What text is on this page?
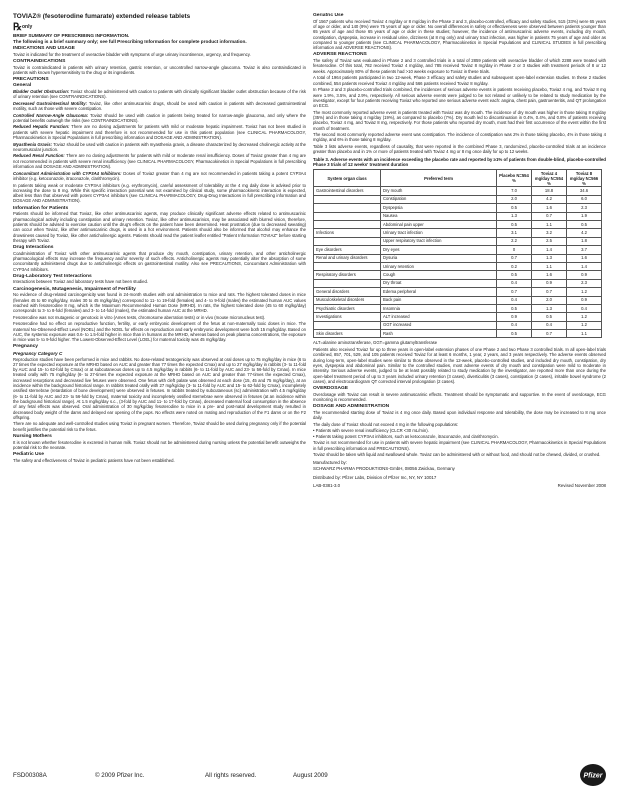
TOVIAZ® (fesoterodine fumarate) extended release tablets
℞only
BRIEF SUMMARY OF PRESCRIBING INFORMATION.
The following is a brief summary only; see full Prescribing Information for complete product information.
INDICATIONS AND USAGE

Toviaz is indicated for the treatment of overactive bladder with symptoms of urge urinary incontinence, urgency, and frequency.

CONTRAINDICATIONS

Toviaz is contraindicated in patients with urinary retention, gastric retention, or uncontrolled narrow-angle glaucoma. Toviaz is also contraindicated in patients with known hypersensitivity to the drug or its ingredients.

PRECAUTIONS
General

Bladder Outlet Obstruction: Toviaz should be administered with caution to patients with clinically significant bladder outlet obstruction because of the risk of urinary retention (see CONTRAINDICATIONS).

Decreased Gastrointestinal Motility: Toviaz, like other antimuscarinic drugs, should be used with caution in patients with decreased gastrointestinal motility, such as those with severe constipation.

Controlled Narrow-Angle Glaucoma: Toviaz should be used with caution in patients being treated for narrow-angle glaucoma, and only where the potential benefits outweigh the risks (see CONTRAINDICATIONS).

Reduced Hepatic Function: There are no dosing adjustments for patients with mild or moderate hepatic impairment. Toviaz has not been studied in patients with severe hepatic impairment and therefore is not recommended for use in this patient population (see CLINICAL PHARMACOLOGY, Pharmacokinetics in Special Populations in full prescribing information and DOSAGE AND ADMINISTRATION).

Myasthenia Gravis: Toviaz should be used with caution in patients with myasthenia gravis, a disease characterized by decreased cholinergic activity at the neuromuscular junction.

Reduced Renal Function: There are no dosing adjustments for patients with mild or moderate renal insufficiency. Doses of Toviaz greater than 4 mg are not recommended in patients with severe renal insufficiency (see CLINICAL PHARMACOLOGY, Pharmacokinetics in Special Populations in full prescribing information and DOSAGE AND ADMINISTRATION).

Concomitant Administration with CYP3A4 Inhibitors: Doses of Toviaz greater than 4 mg are not recommended in patients taking a potent CYP3A4 inhibitor (e.g. ketoconazole, itraconazole, clarithromycin).

In patients taking weak or moderate CYP3A4 inhibitors (e.g. erythromycin), careful assessment of tolerability at the 4 mg daily dose is advised prior to increasing the dose to 8 mg. While this specific interaction potential was not examined by clinical study, some pharmacokinetic interaction is expected, albeit less than that observed with potent CYP3A4 inhibitors (see CLINICAL PHARMACOLOGY, Drug-Drug Interactions in full prescribing information and DOSAGE AND ADMINISTRATION).

Information for Patients

Patients should be informed that Toviaz, like other antimuscarinic agents, may produce clinically significant adverse effects related to antimuscarinic pharmacological activity including constipation and urinary retention. Toviaz, like other antimuscarinics, may be associated with blurred vision, therefore, patients should be advised to exercise caution until the drug's effects on the patient have been determined. Heat prostration (due to decreased sweating) can occur when Toviaz, like other antimuscarinic drugs, is used in a hot environment. Patients should also be informed that alcohol may enhance the drowsiness caused by Toviaz, like other anticholinergic agents. Patients should read the patient leaflet entitled "Patient Information TOVIAZ" before starting therapy with Toviaz.

Drug Interactions

Coadministration of Toviaz with other antimuscarinic agents that produce dry mouth, constipation, urinary retention, and other anticholinergic pharmacological effects may increase the frequency and/or severity of such effects. Anticholinergic agents may potentially alter the absorption of some concomitantly administered drugs due to anticholinergic effects on gastrointestinal motility. Also see PRECAUTIONS, Concomitant Administration with CYP3A4 Inhibitors.

Drug-Laboratory Test Interactions

Interactions between Toviaz and laboratory tests have not been studied.

Carcinogenesis, Mutagenesis, Impairment of Fertility

No evidence of drug-related carcinogenicity was found in 24-month studies with oral administration to mice and rats. The highest tolerated doses in mice (females 45 to 60 mg/kg/day, males 30 to 45 mg/kg/day) correspond to 11- to 19-fold (females) and 4- to 9-fold (males) the estimated human AUC values reached with fesoterodine 8 mg, which is the Maximum Recommended Human Dose (MRHD). In rats, the highest tolerated dose (45 to 60 mg/kg/day) corresponds to 3- to 8-fold (females) and 3- to 14-fold (males), the estimated human AUC at the MRHD.

Fesoterodine was not mutagenic or genotoxic in vitro (Ames tests, chromosome aberration tests) or in vivo (mouse micronucleus test).

Fesoterodine had no effect on reproductive function, fertility, or early embryonic development of the fetus at non-maternally toxic doses in mice. The maternal No-Observed-Effect Level (NOEL) and the NOEL for effects on reproduction and early embryonic development were both 15 mg/kg/day. Based on AUC, the systemic exposure was 0.6- to 1.5-fold higher in mice than in humans at the MRHD, whereas based on peak plasma concentrations, the exposure in mice was 5- to 9-fold higher. The Lowest-Observed-Effect Level (LOEL) for maternal toxicity was 45 mg/kg/day.

Pregnancy
Pregnancy Category C

Reproduction studies have been performed in mice and rabbits. No dose-related teratogenicity was observed at oral doses up to 75 mg/kg/day in mice (6 to 27 times the expected exposure at the MRHD based on AUC and greater than 77 times the expected Cmax) and up to 27 mg/kg/day in rabbits (3- to 11-fold by AUC and 15- to 62-fold by Cmax) or at subcutaneous doses up to 4.5 mg/kg/day in rabbits (6- to 11-fold by AUC and 23- to 56-fold by Cmax). In mice treated orally with 75 mg/kg/day (6- to 27-times the expected exposure at the MRHD based on AUC and greater than 77-times the expected Cmax), increased resorptions and decreased live fetuses were observed. One fetus with cleft palate was observed at each dose (15, 45 and 75 mg/kg/day), at an incidence within the background historical range. In rabbits treated orally with 27 mg/kg/day (3- to 11-fold by AUC and 15- to 62-fold by Cmax), incompletely ossified sternebrae (retardation of bone development) were observed in fetuses. In rabbits treated by subcutaneous (sc) administration with 4.5 mg/kg/day (6- to 11-fold by AUC and 23- to 56-fold by Cmax), maternal toxicity and incompletely ossified sternebrae were observed in fetuses (at an incidence within the background historical range). At 1.5 mg/kg/day s.c., (3-fold by AUC and 11- to 17-fold by Cmax), decreased maternal food consumption in the absence of any fetal effects was observed. Oral administration of 30 mg/kg/day fesoterodine to mice in a pre- and post-natal development study resulted in decreased body weight of the dams and delayed ear opening of the pups. No effects were noted on mating and reproduction of the F1 dams or on the F2 offspring.

There are no adequate and well-controlled studies using Toviaz in pregnant women. Therefore, Toviaz should be used during pregnancy only if the potential benefit justifies the potential risk to the fetus.

Nursing Mothers

It is not known whether fesoterodine is excreted in human milk. Toviaz should not be administered during nursing unless the potential benefit outweighs the potential risk to the neonate.

Pediatric Use

The safety and effectiveness of Toviaz in pediatric patients have not been established.

Geriatric Use

Of 1567 patients who received Toviaz 4 mg/day or 8 mg/day in the Phase 2 and 3, placebo-controlled, efficacy and safety studies, 515 (33%) were 65 years of age or older, and 140 (9%) were 75 years of age or older. No overall differences in safety or effectiveness were observed between patients younger than 65 years of age and those 65 years of age or older in these studies; however, the incidence of antimuscarinic adverse events, including dry mouth, constipation, dyspepsia, increase in residual urine, dizziness (at 8 mg only) and urinary tract infection, was higher in patients 75 years of age and older as compared to younger patients (see CLINICAL PHARMACOLOGY, Pharmacokinetics in Special Populations and CLINICAL STUDIES in full prescribing information and ADVERSE REACTIONS).

ADVERSE REACTIONS

The safety of Toviaz was evaluated in Phase 2 and 3 controlled trials in a total of 2859 patients with overactive bladder of which 2288 were treated with fesoterodine. Of this total, 782 received Toviaz 4 mg/day, and 785 received Toviaz 8 mg/day in Phase 2 or 3 studies with treatment periods of 8 or 12 weeks. Approximately 80% of these patients had >10 weeks exposure to Toviaz in these trials.

A total of 1964 patients participated in two 12-week, Phase 3 efficacy and safety studies and subsequent open-label extension studies. In these 2 studies combined, 554 patients received Toviaz 4 mg/day and 566 patients received Toviaz 8 mg/day.

In Phase 2 and 3 placebo-controlled trials combined, the incidences of serious adverse events in patients receiving placebo, Toviaz 4 mg, and Toviaz 8 mg were 1.9%, 3.5%, and 2.9%, respectively. All serious adverse events were judged to be not related or unlikely to be related to study medication by the investigator, except for four patients receiving Toviaz who reported one serious adverse event each: angina, chest pain, gastroenteritis, and QT prolongation on ECG.

The most commonly reported adverse event in patients treated with Toviaz was dry mouth. The incidence of dry mouth was higher in those taking 8 mg/day (35%) and in those taking 4 mg/day (19%), as compared to placebo (7%). Dry mouth led to discontinuation in 0.4%, 0.4%, and 0.8% of patients receiving placebo, Toviaz 4 mg, and Toviaz 8 mg, respectively. For those patients who reported dry mouth, most had their first occurrence of the event within the first month of treatment.

The second most commonly reported adverse event was constipation. The incidence of constipation was 2% in those taking placebo, 4% in those taking 4 mg/day, and 6% in those taking 8 mg/day.

Table 3 lists adverse events, regardless of causality, that were reported in the combined Phase 3, randomized, placebo-controlled trials at an incidence greater than placebo and in 1% or more of patients treated with Toviaz 4 mg or 8 mg once daily for up to 12 weeks.

Table 3. Adverse events with an incidence exceeding the placebo rate and reported by ≥1% of patients from double-blind, placebo-controlled Phase 3 trials of 12 weeks' treatment duration
System organ class	Preferred term	Placebo N=554 %	Toviaz 4 mg/day N=554 %	Toviaz 8 mg/day N=566 %
Gastrointestinal disorders	Dry mouth	7.0	18.8	34.6
	Constipation	2.0	4.2	6.0
	Dyspepsia	0.5	1.6	2.3
	Nausea	1.3	0.7	1.9
	Abdominal pain upper	0.5	1.1	0.5
Infections	Urinary tract infection	3.1	3.2	4.2
	Upper respiratory tract infection	2.2	2.5	1.8
Eye disorders	Dry eyes	0	1.4	3.7
Renal and urinary disorders	Dysuria	0.7	1.3	1.6
	Urinary retention	0.2	1.1	1.4
Respiratory disorders	Cough	0.5	1.6	0.9
	Dry throat	0.4	0.9	2.3
General disorders	Edema peripheral	0.7	0.7	1.2
Musculoskeletal disorders	Back pain	0.4	2.0	0.9
Psychiatric disorders	Insomnia	0.5	1.3	0.4
Investigations	ALT increased	0.9	0.5	1.2
	GGT increased	0.4	0.4	1.2
Skin disorders	Rash	0.5	0.7	1.1

ALT=alanine aminotransferase, GGT=gamma glutamyltransferase

Patients also received Toviaz for up to three years in open-label extension phases of one Phase 2 and two Phase 3 controlled trials. In all open-label trials combined, 857, 701, 529, and 105 patients received Toviaz for at least 6 months, 1 year, 2 years, and 3 years respectively. The adverse events observed during long-term, open-label studies were similar to those observed in the 12-week, placebo-controlled studies, and included dry mouth, constipation, dry eyes, dyspepsia and abdominal pain. Similar to the controlled studies, most adverse events of dry mouth and constipation were mild to moderate in intensity. Serious adverse events, judged to be at least possibly related to study medication by the investigator, are reported more than once during the open-label treatment period of up to 3 years included urinary retention (3 cases), diverticulitis (3 cases), constipation (2 cases), irritable bowel syndrome (2 cases), and electrocardiogram QT corrected interval prolongation (2 cases).

OVERDOSAGE

Overdosage with Toviaz can result in severe antimuscarinic effects. Treatment should be symptomatic and supportive. In the event of overdosage, ECG monitoring is recommended.

DOSAGE AND ADMINISTRATION

The recommended starting dose of Toviaz is 4 mg once daily. Based upon individual response and tolerability, the dose may be increased to 8 mg once daily.

The daily dose of Toviaz should not exceed 4 mg in the following populations:

• Patients with severe renal insufficiency (CLCR <30 mL/min).

• Patients taking potent CYP3A4 inhibitors, such as ketoconazole, itraconazole, and clarithromycin.

Toviaz is not recommended for use in patients with severe hepatic impairment (see CLINICAL PHARMACOLOGY, Pharmacokinetics in Special Populations in full prescribing information and PRECAUTIONS).

Toviaz should be taken with liquid and swallowed whole. Toviaz can be administered with or without food, and should not be chewed, divided, or crushed.

Manufactured by:
SCHWARZ PHARMA PRODUKTIONS-GmbH, 08056 Zwickau, Germany
Distributed by: Pfizer Labs, Division of Pfizer Inc, NY, NY 10017
LAB-0381-3.0	Revised November 2008
FSD00308A	© 2009 Pfizer Inc.	All rights reserved.	August 2009	Pfizer
